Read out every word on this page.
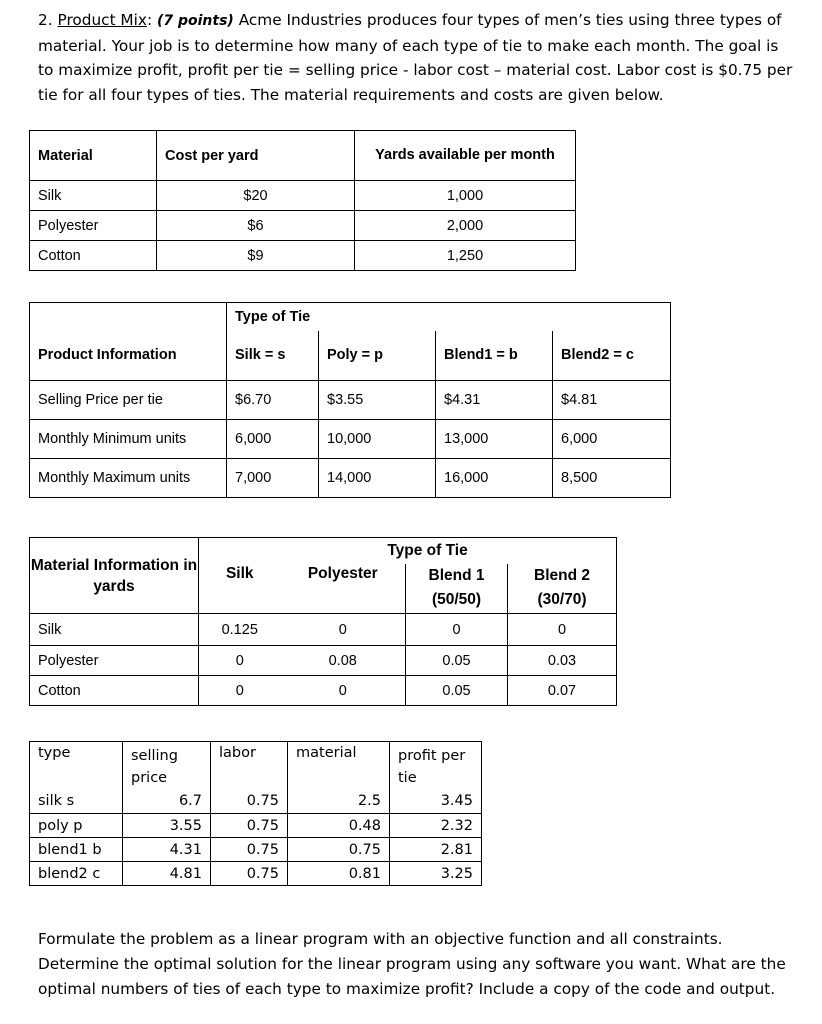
2. Product Mix: (7 points) Acme Industries produces four types of men’s ties using three types of material. Your job is to determine how many of each type of tie to make each month. The goal is to maximize profit, profit per tie = selling price - labor cost – material cost. Labor cost is $0.75 per tie for all four types of ties. The material requirements and costs are given below.

Material	Cost per yard	Yards available per month
Silk	$20	1,000
Polyester	$6	2,000
Cotton	$9	1,250
	Type of Tie			
Product Information	Silk = s	Poly = p	Blend1 = b	Blend2 = c
Selling Price per tie	$6.70	$3.55	$4.31	$4.81
Monthly Minimum units	6,000	10,000	13,000	6,000
Monthly Maximum units	7,000	14,000	16,000	8,500
Material Information in yards	Type of Tie			
	Silk	Polyester	Blend 1 (50/50)	Blend 2 (30/70)
Silk	0.125	0	0	0
Polyester	0	0.08	0.05	0.03
Cotton	0	0	0.05	0.07
type	selling price	labor	material	profit per tie
silk s	6.7	0.75	2.5	3.45
poly p	3.55	0.75	0.48	2.32
blend1 b	4.31	0.75	0.75	2.81
blend2 c	4.81	0.75	0.81	3.25

Formulate the problem as a linear program with an objective function and all constraints. Determine the optimal solution for the linear program using any software you want. What are the optimal numbers of ties of each type to maximize profit? Include a copy of the code and output.
